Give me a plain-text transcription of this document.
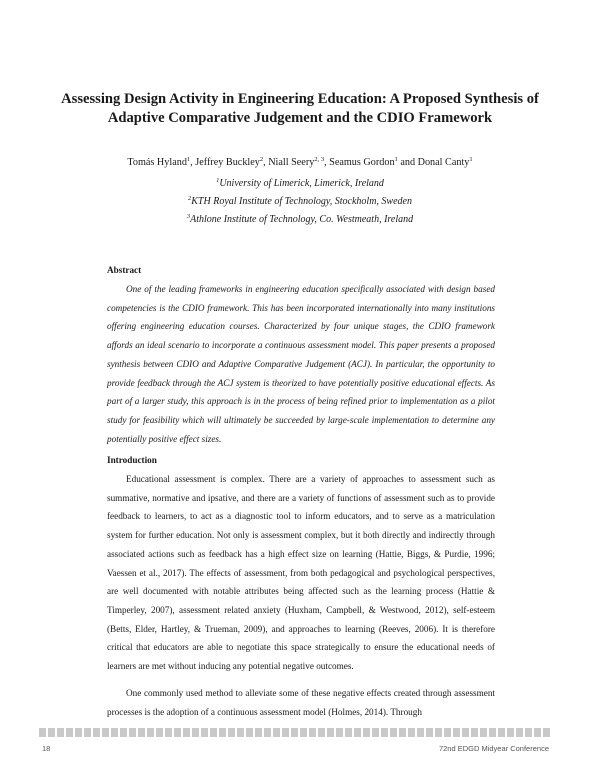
Assessing Design Activity in Engineering Education: A Proposed Synthesis of Adaptive Comparative Judgement and the CDIO Framework
Tomás Hyland$^1$, Jeffrey Buckley$^2$, Niall Seery$^{2, 3}$, Seamus Gordon$^1$ and Donal Canty$^1$
$^1$University of Limerick, Limerick, Ireland
$^2$KTH Royal Institute of Technology, Stockholm, Sweden
$^3$Athlone Institute of Technology, Co. Westmeath, Ireland
Abstract

One of the leading frameworks in engineering education specifically associated with design based competencies is the CDIO framework. This has been incorporated internationally into many institutions offering engineering education courses. Characterized by four unique stages, the CDIO framework affords an ideal scenario to incorporate a continuous assessment model. This paper presents a proposed synthesis between CDIO and Adaptive Comparative Judgement (ACJ). In particular, the opportunity to provide feedback through the ACJ system is theorized to have potentially positive educational effects. As part of a larger study, this approach is in the process of being refined prior to implementation as a pilot study for feasibility which will ultimately be succeeded by large-scale implementation to determine any potentially positive effect sizes.

Introduction

Educational assessment is complex. There are a variety of approaches to assessment such as summative, normative and ipsative, and there are a variety of functions of assessment such as to provide feedback to learners, to act as a diagnostic tool to inform educators, and to serve as a matriculation system for further education. Not only is assessment complex, but it both directly and indirectly through associated actions such as feedback has a high effect size on learning (Hattie, Biggs, & Purdie, 1996; Vaessen et al., 2017). The effects of assessment, from both pedagogical and psychological perspectives, are well documented with notable attributes being affected such as the learning process (Hattie & Timperley, 2007), assessment related anxiety (Huxham, Campbell, & Westwood, 2012), self-esteem (Betts, Elder, Hartley, & Trueman, 2009), and approaches to learning (Reeves, 2006). It is therefore critical that educators are able to negotiate this space strategically to ensure the educational needs of learners are met without inducing any potential negative outcomes.

One commonly used method to alleviate some of these negative effects created through assessment processes is the adoption of a continuous assessment model (Holmes, 2014). Through

18	72nd EDGD Midyear Conference
